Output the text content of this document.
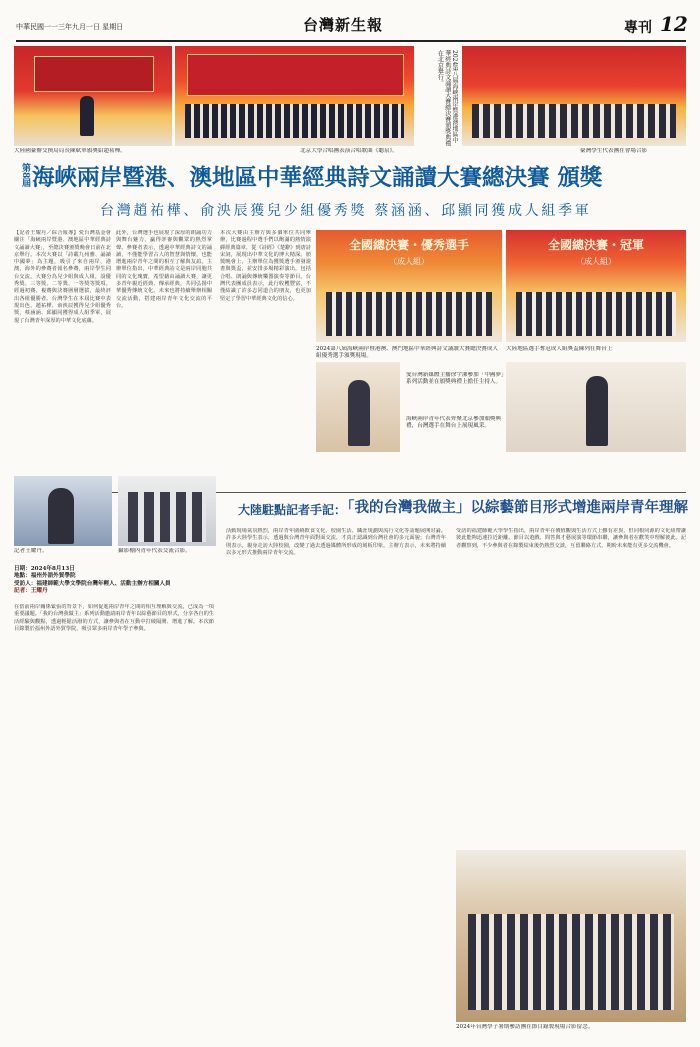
中華民國一一三年九月一日 星期日	台灣新生報	專刊 12
大陸國臺辦交換局局長陳斌華頒獎給趙祐樺。	北京大學合唱團表演合唱歌曲《聽泉》。
2024第八屆海峽兩岸暨港澳地區中華經典詩文誦讀大賽總決賽頒獎典禮在北京舉行。
臺灣學生代表團在會場合影
第8屆 海峽兩岸暨港、澳地區中華經典詩文誦讀大賽總決賽 頒獎
台灣趙祐樺、俞泱辰獲兒少組優秀獎 蔡涵涵、邱顯同獲成人組季軍
【記者王耀丹／綜合報導】愛台灣基金會關注「海峽兩岸暨港、澳地區中華經典詩文誦讀大賽」，至總決賽頒獎晚會日前在北京舉行。本次大賽以「詩載九州雅、誦讀中國夢」為主題，吸引了來自兩岸、港澳、海外的參賽者報名參賽，兩岸學生同台交流。大賽分為兒少組與成人組，設優秀獎、三等獎、二等獎、一等獎等獎項。經過初賽、複賽與決賽層層選拔，最終評出各組優勝者。台灣學生在本屆比賽中表現出色，趙祐樺、俞泱辰獲得兒少組優秀獎，蔡涵涵、邱顯同獲得成人組季軍，展現了台灣青年深厚的中華文化底蘊。
此外，台灣選手也展現了深厚的朗誦功力與舞台魅力，贏得評審與觀眾的熱烈掌聲。參賽者表示，透過中華經典詩文的誦讀，不僅能學習古人的智慧與情懷，也能增進兩岸青年之間的相互了解與友誼。主辦單位指出，中華經典詩文是兩岸同胞共同的文化瑰寶，希望藉由誦讀大賽，讓更多青年親近經典、傳承經典，共同弘揚中華優秀傳統文化。未來也將持續舉辦相關交流活動，搭建兩岸青年文化交流的平台。
本次大賽由主辦方與多個單位共同舉辦，比賽過程中選手們以飽滿的熱情演繹經典篇章，從《詩經》《楚辭》到唐詩宋詞，展現出中華文化的博大精深。頒獎晚會上，主辦單位為獲獎選手頒發證書與獎盃，並安排多場精彩演出，包括合唱、朗誦與傳統樂器演奏等節目。台灣代表團成員表示，此行收穫豐富，不僅結識了許多志同道合的朋友，也更加堅定了學習中華經典文化的信心。
全國總決賽・優秀選手
（成人組）
全國總決賽・冠軍
（成人組）
2024第八屆海峽兩岸暨港澳、澳門地區中華經典詩文誦讀大賽總決賽成人組優秀選手頒獎現場。
大陸地區選手奪冠成人組獎盃陳列在舞台上
愛台灣新媒體主播徐宇潔參加「中國夢」系列活動並在頒獎典禮上擔任主持人。
海峽兩岸青年代表齊聚北京參加頒獎典禮，台灣選手在舞台上展現風采。
大陸駐點記者手記：
「我的台灣我做主」以綜藝節目形式增進兩岸青年理解
記者王耀丹。	攝影棚內青年代表交流合影。
日期：2024年8月13日
地點：福州外語外貿學院
受訪人：福建師範大學文學院台灣年輕人、活動主辦方相關人員
記者：王耀丹
在當前兩岸關係緊張的背景下，如何促進兩岸青年之間的相互理解與交流，已成為一項重要議題。「我的台灣我做主」系列活動邀請兩岸青年以綜藝節目的形式，分享各自的生活經驗與觀點，透過輕鬆活潑的方式，讓參與者在互動中打破隔閡、增進了解。本次節目錄製於福州外語外貿學院，吸引眾多兩岸青年學子參與。
活動現場氣氛熱烈，兩岸青年圍繞飲食文化、校園生活、職涯規劃與流行文化等話題展開討論。許多大陸學生表示，透過與台灣青年面對面交流，才真正認識到台灣社會的多元面貌；台灣青年則表示，親身走訪大陸校園，改變了過去透過媒體所形成的刻板印象。主辦方表示，未來將持續以多元形式推動兩岸青年交流。
受訪的福建師範大學學生指出，兩岸青年在價值觀與生活方式上雖有差異，但同根同源的文化紐帶讓彼此能夠迅速拉近距離。節目以遊戲、問答與才藝展演等環節串聯，讓參與者在歡笑中理解彼此。記者觀察到，不少參與者在錄製結束後仍熱烈交談，互留聯絡方式，期盼未來能有更多交流機會。
2024年台灣學子暑期參訪團在節目錄製現場合影留念。
